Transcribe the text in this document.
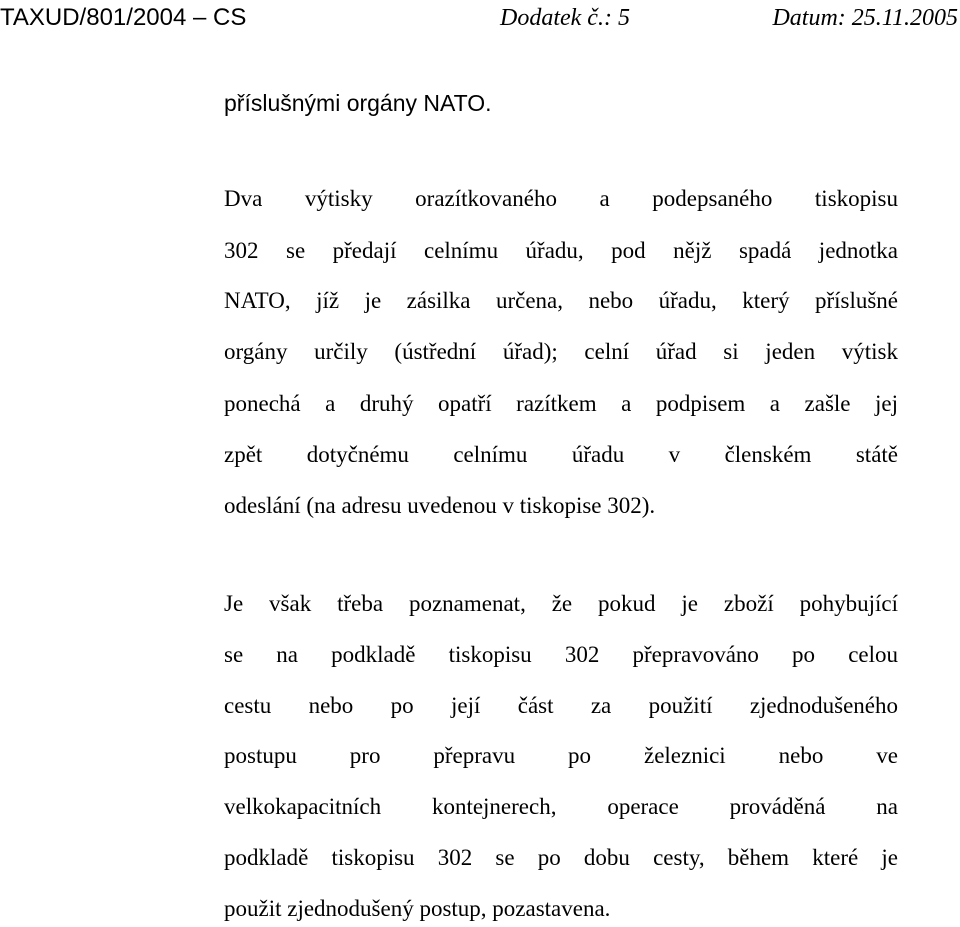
TAXUD/801/2004 – CS	Dodatek č.: 5	Datum: 25.11.2005
příslušnými orgány NATO.
Dva výtisky orazítkovaného a podepsaného tiskopisu
302 se předají celnímu úřadu, pod nějž spadá jednotka
NATO, jíž je zásilka určena, nebo úřadu, který příslušné
orgány určily (ústřední úřad); celní úřad si jeden výtisk
ponechá a druhý opatří razítkem a podpisem a zašle jej
zpět dotyčnému celnímu úřadu v členském státě
odeslání (na adresu uvedenou v tiskopise 302).
Je však třeba poznamenat, že pokud je zboží pohybující
se na podkladě tiskopisu 302 přepravováno po celou
cestu nebo po její část za použití zjednodušeného
postupu pro přepravu po železnici nebo ve
velkokapacitních kontejnerech, operace prováděná na
podkladě tiskopisu 302 se po dobu cesty, během které je
použit zjednodušený postup, pozastavena.
